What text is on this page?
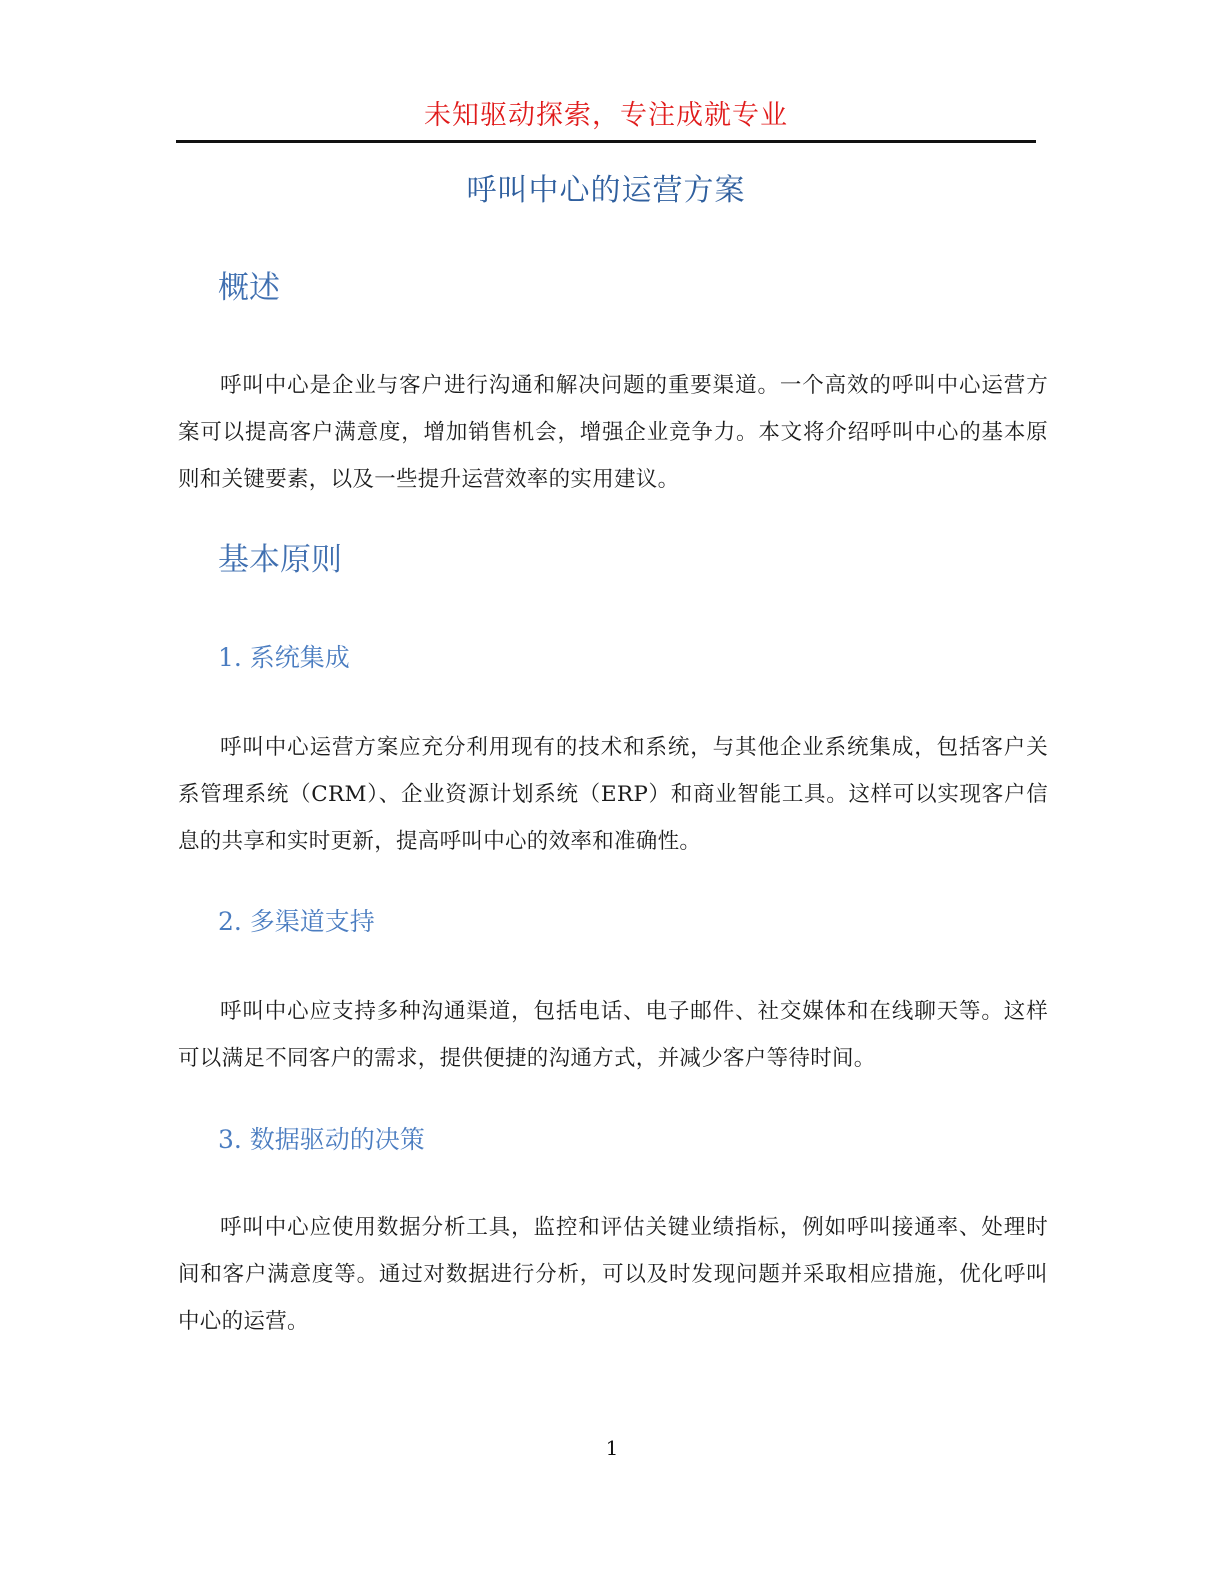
未知驱动探索，专注成就专业
呼叫中心的运营方案
概述
呼叫中心是企业与客户进行沟通和解决问题的重要渠道。一个高效的呼叫中心运营方案可以提高客户满意度，增加销售机会，增强企业竞争力。本文将介绍呼叫中心的基本原则和关键要素，以及一些提升运营效率的实用建议。
基本原则
1. 系统集成
呼叫中心运营方案应充分利用现有的技术和系统，与其他企业系统集成，包括客户关系管理系统（CRM）、企业资源计划系统（ERP）和商业智能工具。这样可以实现客户信息的共享和实时更新，提高呼叫中心的效率和准确性。
2. 多渠道支持
呼叫中心应支持多种沟通渠道，包括电话、电子邮件、社交媒体和在线聊天等。这样可以满足不同客户的需求，提供便捷的沟通方式，并减少客户等待时间。
3. 数据驱动的决策
呼叫中心应使用数据分析工具，监控和评估关键业绩指标，例如呼叫接通率、处理时间和客户满意度等。通过对数据进行分析，可以及时发现问题并采取相应措施，优化呼叫中心的运营。
1
